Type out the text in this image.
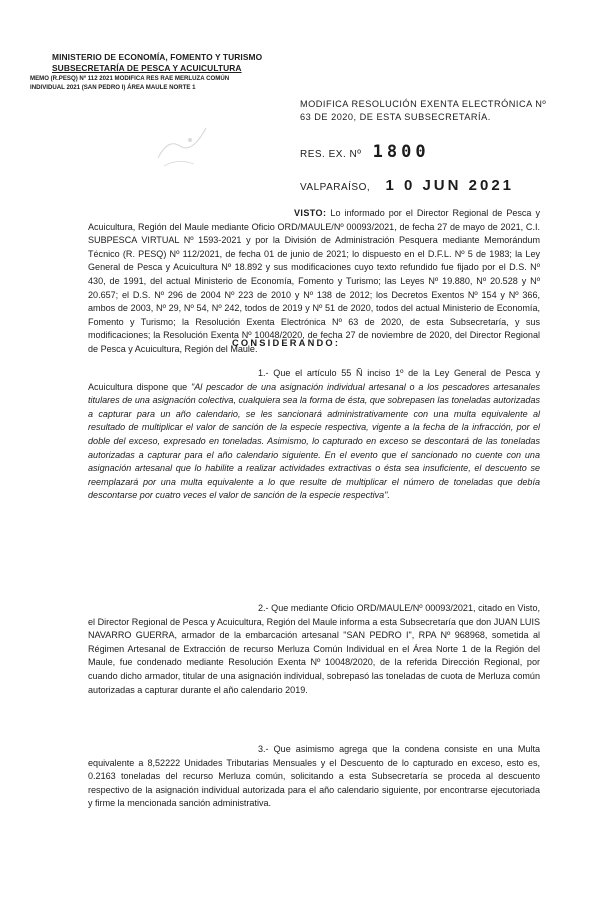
MINISTERIO DE ECONOMÍA, FOMENTO Y TURISMO
SUBSECRETARÍA DE PESCA Y ACUICULTURA
MEMO (R.PESQ) Nº 112 2021 MODIFICA RES RAE MERLUZA COMÚN
INDIVIDUAL 2021 (SAN PEDRO I) ÁREA MAULE NORTE 1
MODIFICA RESOLUCIÓN EXENTA ELECTRÓNICA Nº 63 DE 2020, DE ESTA SUBSECRETARÍA.
RES. EX. Nº 1800
VALPARAÍSO, 1 0 JUN 2021
VISTO: Lo informado por el Director Regional de Pesca y Acuicultura, Región del Maule mediante Oficio ORD/MAULE/Nº 00093/2021, de fecha 27 de mayo de 2021, C.I. SUBPESCA VIRTUAL Nº 1593-2021 y por la División de Administración Pesquera mediante Memorándum Técnico (R. PESQ) Nº 112/2021, de fecha 01 de junio de 2021; lo dispuesto en el D.F.L. Nº 5 de 1983; la Ley General de Pesca y Acuicultura Nº 18.892 y sus modificaciones cuyo texto refundido fue fijado por el D.S. Nº 430, de 1991, del actual Ministerio de Economía, Fomento y Turismo; las Leyes Nº 19.880, Nº 20.528 y Nº 20.657; el D.S. Nº 296 de 2004 Nº 223 de 2010 y Nº 138 de 2012; los Decretos Exentos Nº 154 y Nº 366, ambos de 2003, Nº 29, Nº 54, Nº 242, todos de 2019 y Nº 51 de 2020, todos del actual Ministerio de Economía, Fomento y Turismo; la Resolución Exenta Electrónica Nº 63 de 2020, de esta Subsecretaría, y sus modificaciones; la Resolución Exenta Nº 10048/2020, de fecha 27 de noviembre de 2020, del Director Regional de Pesca y Acuicultura, Región del Maule.
CONSIDERANDO:
1.- Que el artículo 55 Ñ inciso 1º de la Ley General de Pesca y Acuicultura dispone que "Al pescador de una asignación individual artesanal o a los pescadores artesanales titulares de una asignación colectiva, cualquiera sea la forma de ésta, que sobrepasen las toneladas autorizadas a capturar para un año calendario, se les sancionará administrativamente con una multa equivalente al resultado de multiplicar el valor de sanción de la especie respectiva, vigente a la fecha de la infracción, por el doble del exceso, expresado en toneladas. Asimismo, lo capturado en exceso se descontará de las toneladas autorizadas a capturar para el año calendario siguiente. En el evento que el sancionado no cuente con una asignación artesanal que lo habilite a realizar actividades extractivas o ésta sea insuficiente, el descuento se reemplazará por una multa equivalente a lo que resulte de multiplicar el número de toneladas que debía descontarse por cuatro veces el valor de sanción de la especie respectiva".
2.- Que mediante Oficio ORD/MAULE/Nº 00093/2021, citado en Visto, el Director Regional de Pesca y Acuicultura, Región del Maule informa a esta Subsecretaría que don JUAN LUIS NAVARRO GUERRA, armador de la embarcación artesanal "SAN PEDRO I", RPA Nº 968968, sometida al Régimen Artesanal de Extracción de recurso Merluza Común Individual en el Área Norte 1 de la Región del Maule, fue condenado mediante Resolución Exenta Nº 10048/2020, de la referida Dirección Regional, por cuando dicho armador, titular de una asignación individual, sobrepasó las toneladas de cuota de Merluza común autorizadas a capturar durante el año calendario 2019.
3.- Que asimismo agrega que la condena consiste en una Multa equivalente a 8,52222 Unidades Tributarias Mensuales y el Descuento de lo capturado en exceso, esto es, 0.2163 toneladas del recurso Merluza común, solicitando a esta Subsecretaría se proceda al descuento respectivo de la asignación individual autorizada para el año calendario siguiente, por encontrarse ejecutoriada y firme la mencionada sanción administrativa.
